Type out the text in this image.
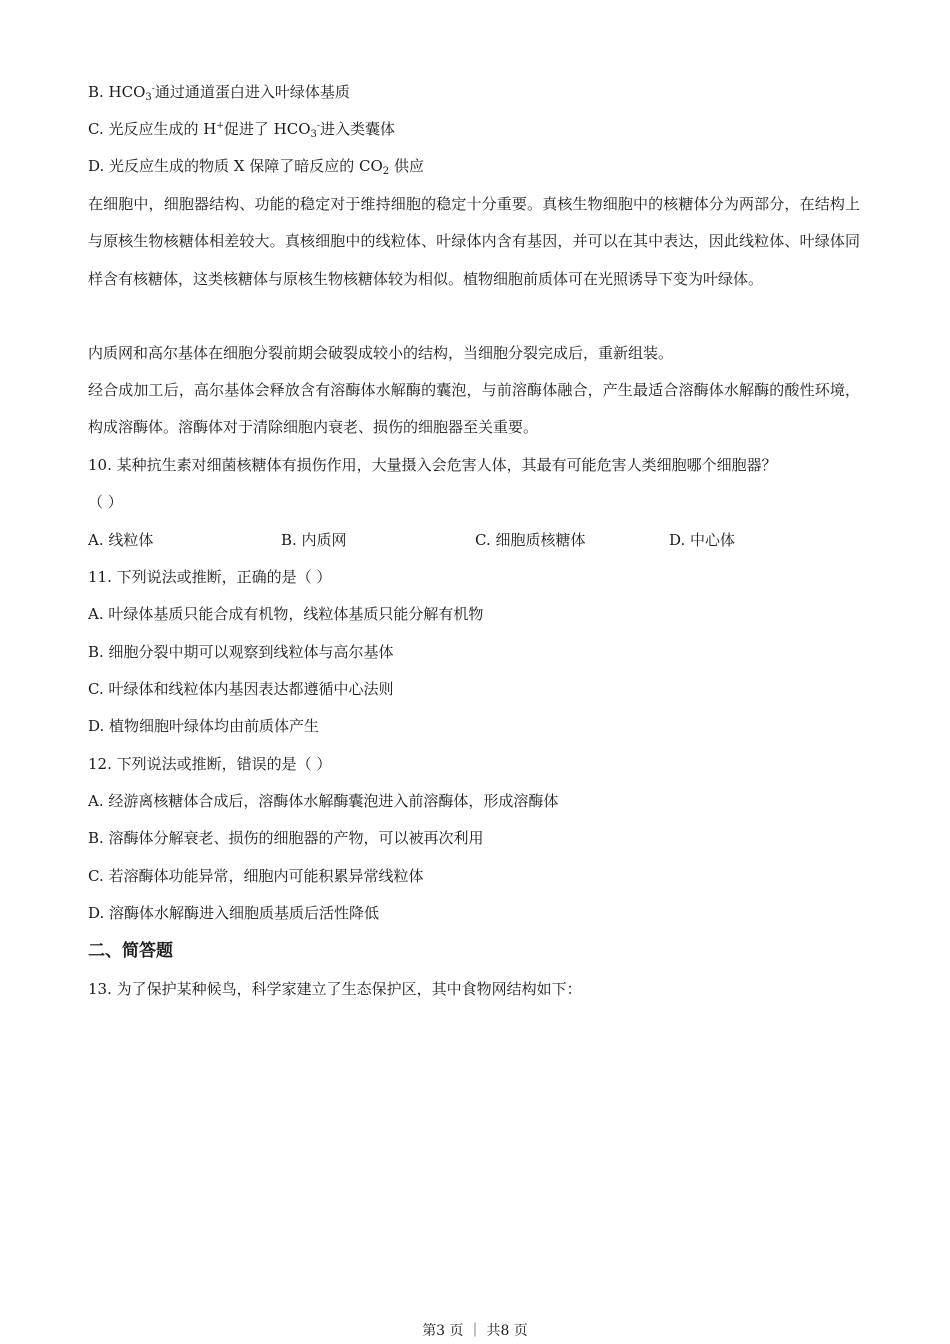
B. $HCO_3^-$通过通道蛋白进入叶绿体基质
C. 光反应生成的 H+促进了 $HCO_3^-$进入类囊体
D. 光反应生成的物质 X 保障了暗反应的 $CO_2$ 供应
在细胞中，细胞器结构、功能的稳定对于维持细胞的稳定十分重要。真核生物细胞中的核糖体分为两部分，在结构上与原核生物核糖体相差较大。真核细胞中的线粒体、叶绿体内含有基因，并可以在其中表达，因此线粒体、叶绿体同样含有核糖体，这类核糖体与原核生物核糖体较为相似。植物细胞前质体可在光照诱导下变为叶绿体。
内质网和高尔基体在细胞分裂前期会破裂成较小的结构，当细胞分裂完成后，重新组装。
经合成加工后，高尔基体会释放含有溶酶体水解酶的囊泡，与前溶酶体融合，产生最适合溶酶体水解酶的酸性环境，构成溶酶体。溶酶体对于清除细胞内衰老、损伤的细胞器至关重要。
10. 某种抗生素对细菌核糖体有损伤作用，大量摄入会危害人体，其最有可能危害人类细胞哪个细胞器？
（ ）
A. 线粒体	B. 内质网	C. 细胞质核糖体	D. 中心体
11. 下列说法或推断，正确的是（ ）
A. 叶绿体基质只能合成有机物，线粒体基质只能分解有机物
B. 细胞分裂中期可以观察到线粒体与高尔基体
C. 叶绿体和线粒体内基因表达都遵循中心法则
D. 植物细胞叶绿体均由前质体产生
12. 下列说法或推断，错误的是（ ）
A. 经游离核糖体合成后，溶酶体水解酶囊泡进入前溶酶体，形成溶酶体
B. 溶酶体分解衰老、损伤的细胞器的产物，可以被再次利用
C. 若溶酶体功能异常，细胞内可能积累异常线粒体
D. 溶酶体水解酶进入细胞质基质后活性降低
二、简答题
13. 为了保护某种候鸟，科学家建立了生态保护区，其中食物网结构如下：
第3 页 ｜ 共8 页
